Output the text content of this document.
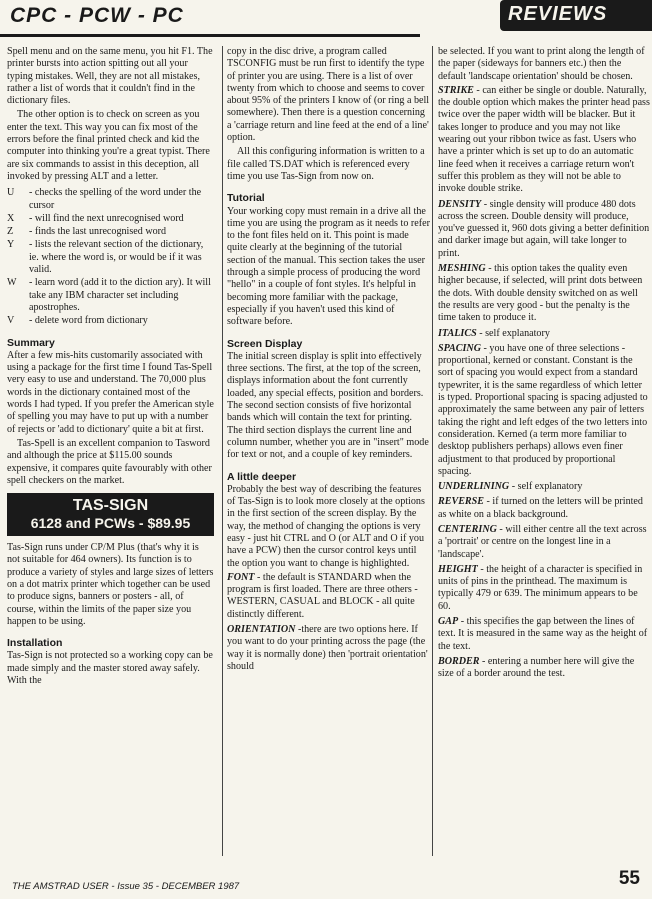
CPC - PCW - PC	REVIEWS

Spell menu and on the same menu, you hit F1. The printer bursts into action spitting out all your typing mistakes. Well, they are not all mistakes, rather a list of words that it couldn't find in the dictionary files.

The other option is to check on screen as you enter the text. This way you can fix most of the errors before the final printed check and kid the computer into thinking you're a great typist. There are six commands to assist in this deception, all invoked by pressing ALT and a letter.

U - checks the spelling of the word under the cursor
X - will find the next unrecognised word
Z - finds the last unrecognised word
Y - lists the relevant section of the dictionary, ie. where the word is, or would be if it was valid.
W - learn word (add it to the diction ary). It will take any IBM character set including apostrophes.
V - delete word from dictionary
Summary

After a few mis-hits customarily associated with using a package for the first time I found Tas-Spell very easy to use and understand. The 70,000 plus words in the dictionary contained most of the words I had typed. If you prefer the American style of spelling you may have to put up with a number of rejects or 'add to dictionary' quite a bit at first.

Tas-Spell is an excellent companion to Tasword and although the price at $115.00 sounds expensive, it compares quite favourably with other spell checkers on the market.

TAS-SIGN
6128 and PCWs - $89.95

Tas-Sign runs under CP/M Plus (that's why it is not suitable for 464 owners). Its function is to produce a variety of styles and large sizes of letters on a dot matrix printer which together can be used to produce signs, banners or posters - all, of course, within the limits of the paper size you happen to be using.

Installation

Tas-Sign is not protected so a working copy can be made simply and the master stored away safely. With the

copy in the disc drive, a program called TSCONFIG must be run first to identify the type of printer you are using. There is a list of over twenty from which to choose and seems to cover about 95% of the printers I know of (or ring a bell somewhere). Then there is a question concerning a 'carriage return and line feed at the end of a line' option.

All this configuring information is written to a file called TS.DAT which is referenced every time you use Tas-Sign from now on.

Tutorial

Your working copy must remain in a drive all the time you are using the program as it needs to refer to the font files held on it. This point is made quite clearly at the beginning of the tutorial section of the manual. This section takes the user through a simple process of producing the word "hello" in a couple of font styles. It's helpful in becoming more familiar with the package, especially if you haven't used this kind of software before.

Screen Display

The initial screen display is split into effectively three sections. The first, at the top of the screen, displays information about the font currently loaded, any special effects, position and borders. The second section consists of five horizontal bands which will contain the text for printing. The third section displays the current line and column number, whether you are in "insert" mode for text or not, and a couple of key reminders.

A little deeper

Probably the best way of describing the features of Tas-Sign is to look more closely at the options in the first section of the screen display. By the way, the method of changing the options is very easy - just hit CTRL and O (or ALT and O if you have a PCW) then the cursor control keys until the option you want to change is highlighted.

FONT - the default is STANDARD when the program is first loaded. There are three others - WESTERN, CASUAL and BLOCK - all quite distinctly different.

ORIENTATION -there are two options here. If you want to do your printing across the page (the way it is normally done) then 'portrait orientation' should

be selected. If you want to print along the length of the paper (sideways for banners etc.) then the default 'landscape orientation' should be chosen.

STRIKE - can either be single or double. Naturally, the double option which makes the printer head pass twice over the paper width will be blacker. But it takes longer to produce and you may not like wearing out your ribbon twice as fast. Users who have a printer which is set up to do an automatic line feed when it receives a carriage return won't suffer this problem as they will not be able to invoke double strike.

DENSITY - single density will produce 480 dots across the screen. Double density will produce, you've guessed it, 960 dots giving a better definition and darker image but again, will take longer to print.

MESHING - this option takes the quality even higher because, if selected, will print dots between the dots. With double density switched on as well the results are very good - but the penalty is the time taken to produce it.

ITALICS - self explanatory

SPACING - you have one of three selections - proportional, kerned or constant. Constant is the sort of spacing you would expect from a standard typewriter, it is the same regardless of which letter is typed. Proportional spacing is spacing adjusted to approximately the same between any pair of letters taking the right and left edges of the two letters into consideration. Kerned (a term more familiar to desktop publishers perhaps) allows even finer adjustment to that produced by proportional spacing.

UNDERLINING - self explanatory

REVERSE - if turned on the letters will be printed as white on a black background.

CENTERING - will either centre all the text across a 'portrait' or centre on the longest line in a 'landscape'.

HEIGHT - the height of a character is specified in units of pins in the printhead. The maximum is typically 479 or 639. The minimum appears to be 60.

GAP - this specifies the gap between the lines of text. It is measured in the same way as the height of the text.

BORDER - entering a number here will give the size of a border around the test.

THE AMSTRAD USER - Issue 35 - DECEMBER 1987	55
